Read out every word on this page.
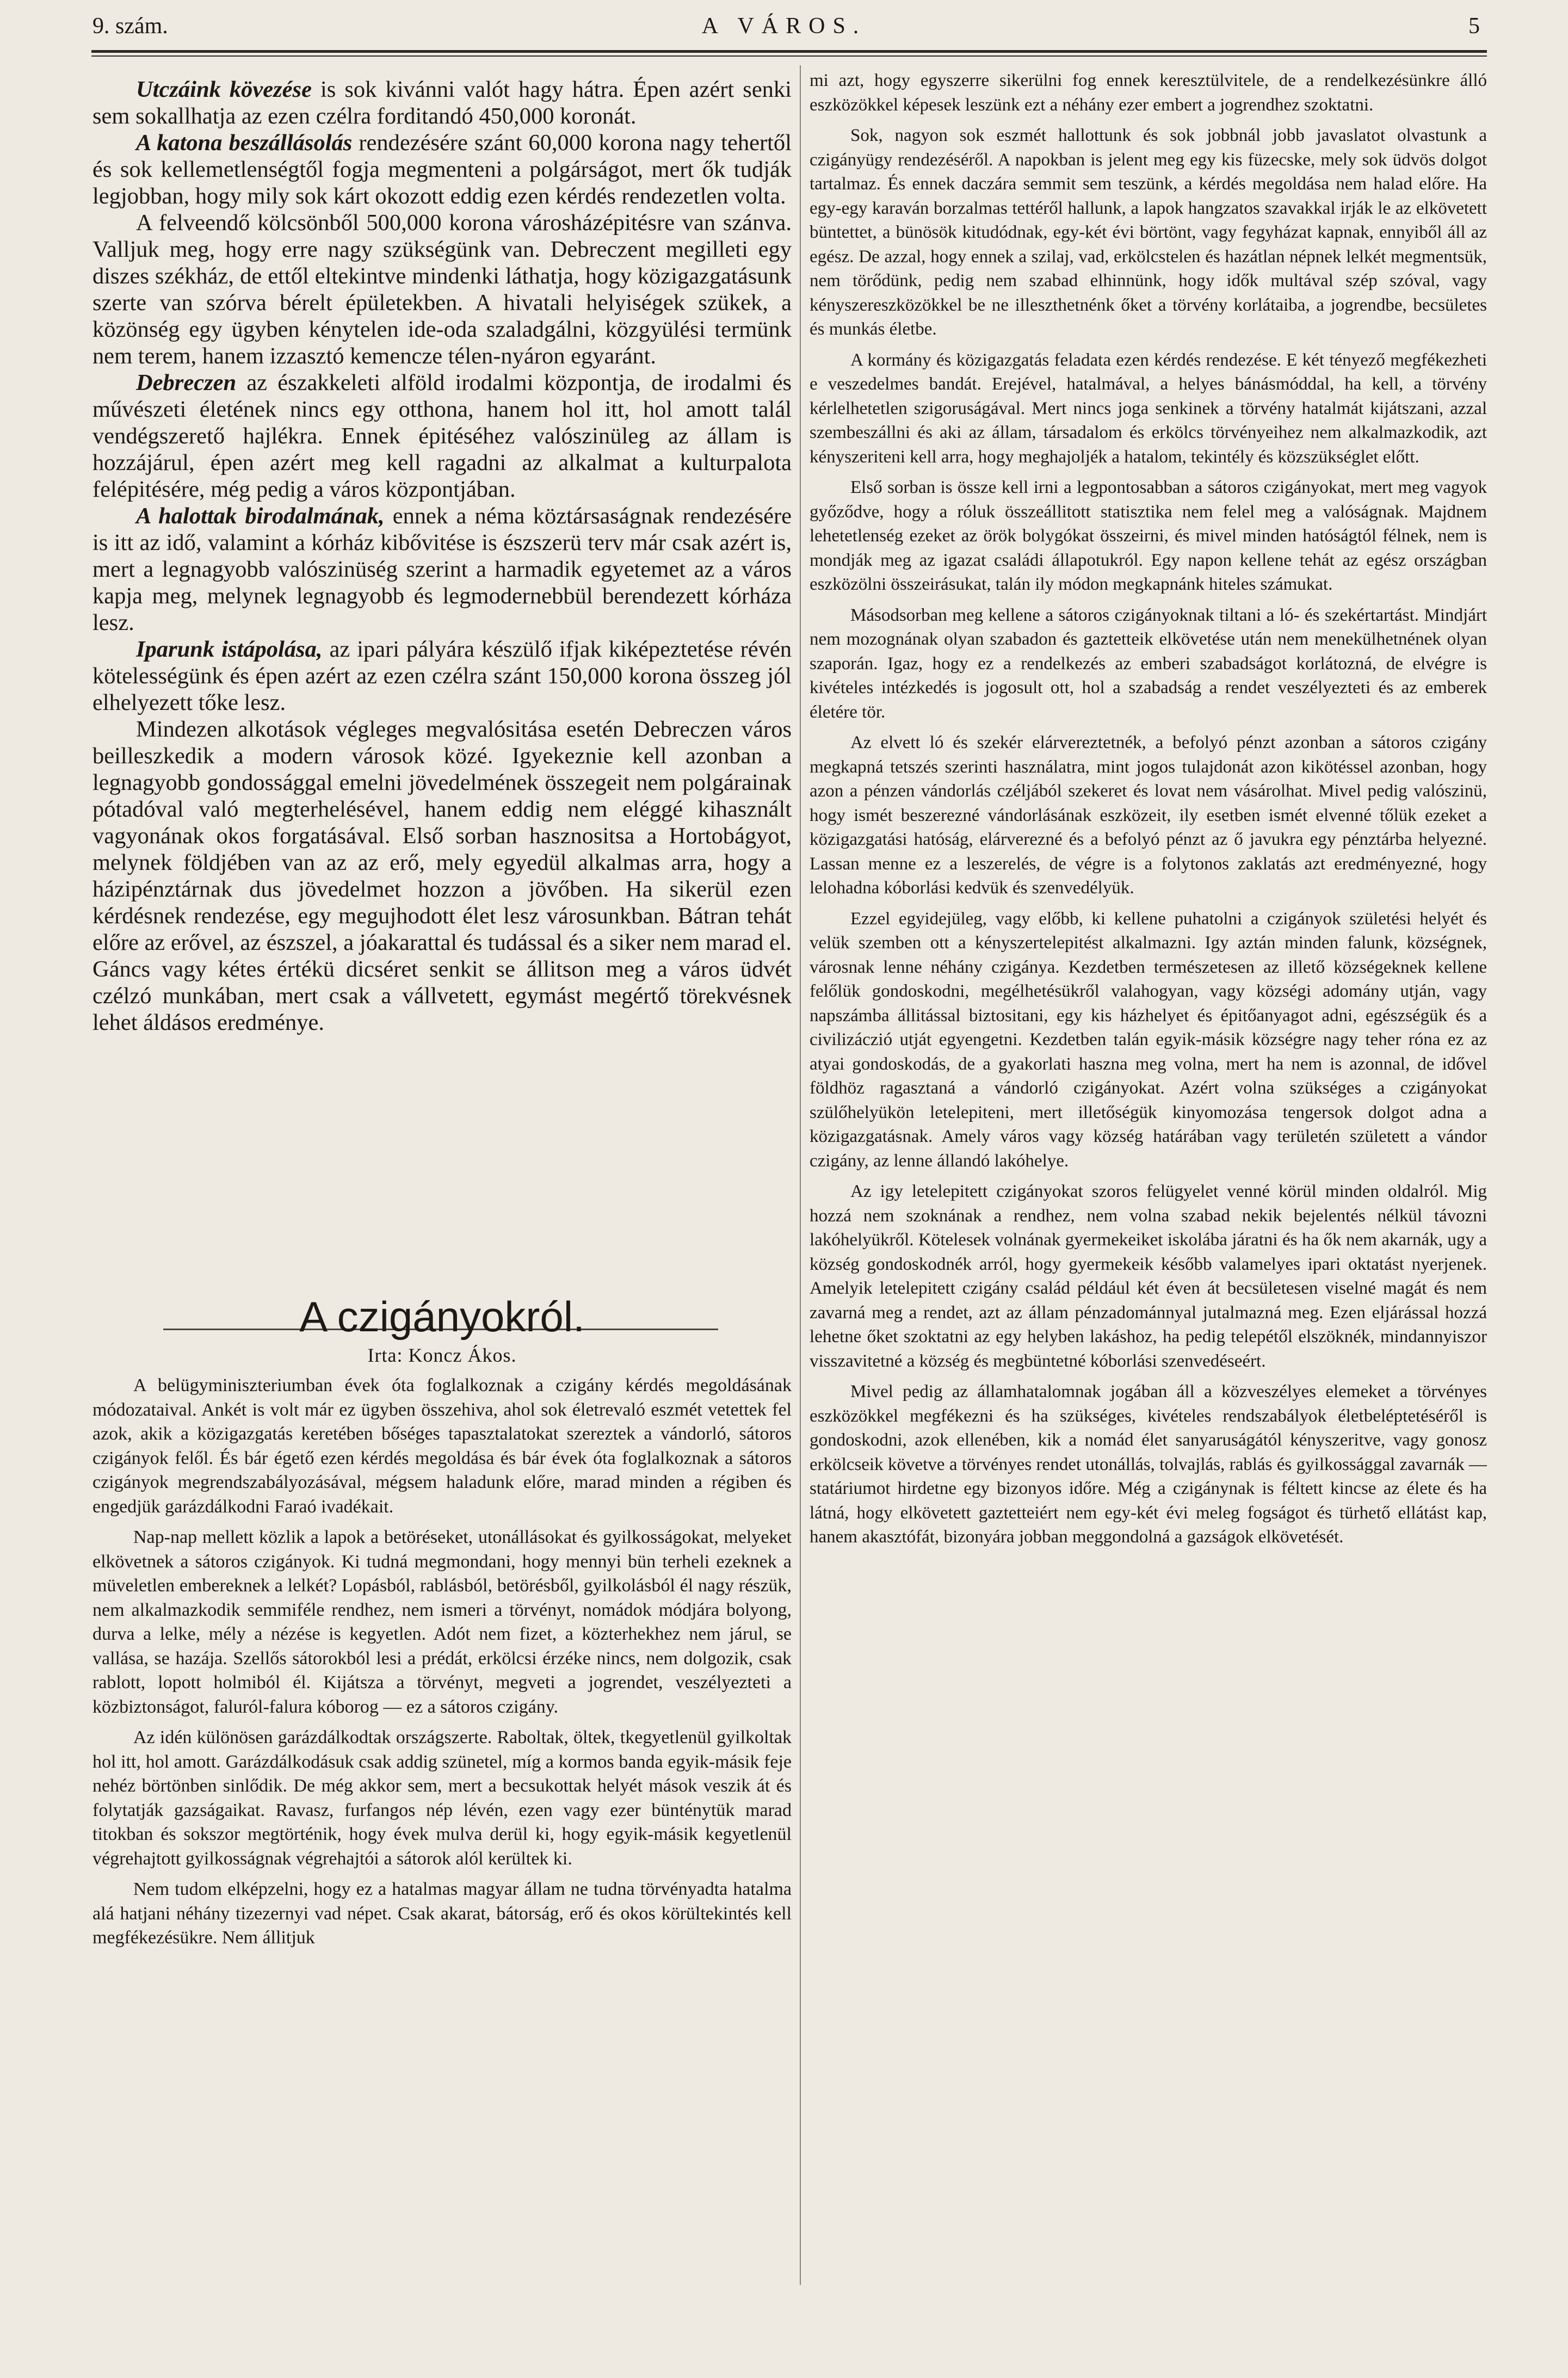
9. szám.	A VÁROS.	5

Utczáink kövezése is sok kivánni valót hagy hátra. Épen azért senki sem sokallhatja az ezen czélra forditandó 450,000 koronát.

A katona beszállásolás rendezésére szánt 60,000 korona nagy tehertől és sok kellemetlenségtől fogja megmenteni a polgárságot, mert ők tudják legjobban, hogy mily sok kárt okozott eddig ezen kérdés rendezetlen volta.

A felveendő kölcsönből 500,000 korona városházépitésre van szánva. Valljuk meg, hogy erre nagy szükségünk van. Debreczent megilleti egy diszes székház, de ettől eltekintve mindenki láthatja, hogy közigazgatásunk szerte van szórva bérelt épületekben. A hivatali helyiségek szükek, a közönség egy ügyben kénytelen ide-oda szaladgálni, közgyülési termünk nem terem, hanem izzasztó kemencze télen-nyáron egyaránt.

Debreczen az északkeleti alföld irodalmi központja, de irodalmi és művészeti életének nincs egy otthona, hanem hol itt, hol amott talál vendégszerető hajlékra. Ennek épitéséhez valószinüleg az állam is hozzájárul, épen azért meg kell ragadni az alkalmat a kulturpalota felépitésére, még pedig a város központjában.

A halottak birodalmának, ennek a néma köztársaságnak rendezésére is itt az idő, valamint a kórház kibővitése is észszerü terv már csak azért is, mert a legnagyobb valószinüség szerint a harmadik egyetemet az a város kapja meg, melynek legnagyobb és legmodernebbül berendezett kórháza lesz.

Iparunk istápolása, az ipari pályára készülő ifjak kiképeztetése révén kötelességünk és épen azért az ezen czélra szánt 150,000 korona összeg jól elhelyezett tőke lesz.

Mindezen alkotások végleges megvalósitása esetén Debreczen város beilleszkedik a modern városok közé. Igyekeznie kell azonban a legnagyobb gondossággal emelni jövedelmének összegeit nem polgárainak pótadóval való megterhelésével, hanem eddig nem eléggé kihasznált vagyonának okos forgatásával. Első sorban hasznositsa a Hortobágyot, melynek földjében van az az erő, mely egyedül alkalmas arra, hogy a házipénztárnak dus jövedelmet hozzon a jövőben. Ha sikerül ezen kérdésnek rendezése, egy megujhodott élet lesz városunkban. Bátran tehát előre az erővel, az észszel, a jóakarattal és tudással és a siker nem marad el. Gáncs vagy kétes értékü dicséret senkit se állitson meg a város üdvét czélzó munkában, mert csak a vállvetett, egymást megértő törekvésnek lehet áldásos eredménye.

A czigányokról.
Irta: Koncz Ákos.

A belügyminiszteriumban évek óta foglalkoznak a czigány kérdés megoldásának módozataival. Ankét is volt már ez ügyben összehiva, ahol sok életrevaló eszmét vetettek fel azok, akik a közigazgatás keretében bőséges tapasztalatokat szereztek a vándorló, sátoros czigányok felől. És bár égető ezen kérdés megoldása és bár évek óta foglalkoznak a sátoros czigányok megrendszabályozásával, mégsem haladunk előre, marad minden a régiben és engedjük garázdálkodni Faraó ivadékait.

Nap-nap mellett közlik a lapok a betöréseket, utonállásokat és gyilkosságokat, melyeket elkövetnek a sátoros czigányok. Ki tudná megmondani, hogy mennyi bün terheli ezeknek a müveletlen embereknek a lelkét? Lopásból, rablásból, betörésből, gyilkolásból él nagy részük, nem alkalmazkodik semmiféle rendhez, nem ismeri a törvényt, nomádok módjára bolyong, durva a lelke, mély a nézése is kegyetlen. Adót nem fizet, a közterhekhez nem járul, se vallása, se hazája. Szellős sátorokból lesi a prédát, erkölcsi érzéke nincs, nem dolgozik, csak rablott, lopott holmiból él. Kijátsza a törvényt, megveti a jogrendet, veszélyezteti a közbiztonságot, faluról-falura kóborog — ez a sátoros czigány.

Az idén különösen garázdálkodtak országszerte. Raboltak, öltek, tkegyetlenül gyilkoltak hol itt, hol amott. Garázdálkodásuk csak addig szünetel, míg a kormos banda egyik-másik feje nehéz börtönben sinlődik. De még akkor sem, mert a becsukottak helyét mások veszik át és folytatják gazságaikat. Ravasz, furfangos nép lévén, ezen vagy ezer bünténytük marad titokban és sokszor megtörténik, hogy évek mulva derül ki, hogy egyik-másik kegyetlenül végrehajtott gyilkosságnak végrehajtói a sátorok alól kerültek ki.

Nem tudom elképzelni, hogy ez a hatalmas magyar állam ne tudna törvényadta hatalma alá hatjani néhány tizezernyi vad népet. Csak akarat, bátorság, erő és okos körültekintés kell megfékezésükre. Nem állitjuk

mi azt, hogy egyszerre sikerülni fog ennek keresztülvitele, de a rendelkezésünkre álló eszközökkel képesek leszünk ezt a néhány ezer embert a jogrendhez szoktatni.

Sok, nagyon sok eszmét hallottunk és sok jobbnál jobb javaslatot olvastunk a czigányügy rendezéséről. A napokban is jelent meg egy kis füzecske, mely sok üdvös dolgot tartalmaz. És ennek daczára semmit sem teszünk, a kérdés megoldása nem halad előre. Ha egy-egy karaván borzalmas tettéről hallunk, a lapok hangzatos szavakkal irják le az elkövetett büntettet, a bünösök kitudódnak, egy-két évi börtönt, vagy fegyházat kapnak, ennyiből áll az egész. De azzal, hogy ennek a szilaj, vad, erkölcstelen és hazátlan népnek lelkét megmentsük, nem törődünk, pedig nem szabad elhinnünk, hogy idők multával szép szóval, vagy kényszereszközökkel be ne illeszthetnénk őket a törvény korlátaiba, a jogrendbe, becsületes és munkás életbe.

A kormány és közigazgatás feladata ezen kérdés rendezése. E két tényező megfékezheti e veszedelmes bandát. Erejével, hatalmával, a helyes bánásmóddal, ha kell, a törvény kérlelhetetlen szigoruságával. Mert nincs joga senkinek a törvény hatalmát kijátszani, azzal szembeszállni és aki az állam, társadalom és erkölcs törvényeihez nem alkalmazkodik, azt kényszeriteni kell arra, hogy meghajoljék a hatalom, tekintély és közszükséglet előtt.

Első sorban is össze kell irni a legpontosabban a sátoros czigányokat, mert meg vagyok győződve, hogy a róluk összeállitott statisztika nem felel meg a valóságnak. Majdnem lehetetlenség ezeket az örök bolygókat összeirni, és mivel minden hatóságtól félnek, nem is mondják meg az igazat családi állapotukról. Egy napon kellene tehát az egész országban eszközölni összeirásukat, talán ily módon megkapnánk hiteles számukat.

Másodsorban meg kellene a sátoros czigányoknak tiltani a ló- és szekértartást. Mindjárt nem mozognának olyan szabadon és gaztetteik elkövetése után nem menekülhetnének olyan szaporán. Igaz, hogy ez a rendelkezés az emberi szabadságot korlátozná, de elvégre is kivételes intézkedés is jogosult ott, hol a szabadság a rendet veszélyezteti és az emberek életére tör.

Az elvett ló és szekér elárvereztetnék, a befolyó pénzt azonban a sátoros czigány megkapná tetszés szerinti használatra, mint jogos tulajdonát azon kikötéssel azonban, hogy azon a pénzen vándorlás czéljából szekeret és lovat nem vásárolhat. Mivel pedig valószinü, hogy ismét beszerezné vándorlásának eszközeit, ily esetben ismét elvenné tőlük ezeket a közigazgatási hatóság, elárverezné és a befolyó pénzt az ő javukra egy pénztárba helyezné. Lassan menne ez a leszerelés, de végre is a folytonos zaklatás azt eredményezné, hogy lelohadna kóborlási kedvük és szenvedélyük.

Ezzel egyidejüleg, vagy előbb, ki kellene puhatolni a czigányok születési helyét és velük szemben ott a kényszertelepitést alkalmazni. Igy aztán minden falunk, községnek, városnak lenne néhány czigánya. Kezdetben természetesen az illető községeknek kellene felőlük gondoskodni, megélhetésükről valahogyan, vagy községi adomány utján, vagy napszámba állitással biztositani, egy kis házhelyet és épitőanyagot adni, egészségük és a civilizáczió utját egyengetni. Kezdetben talán egyik-másik községre nagy teher róna ez az atyai gondoskodás, de a gyakorlati haszna meg volna, mert ha nem is azonnal, de idővel földhöz ragasztaná a vándorló czigányokat. Azért volna szükséges a czigányokat szülőhelyükön letelepiteni, mert illetőségük kinyomozása tengersok dolgot adna a közigazgatásnak. Amely város vagy község határában vagy területén született a vándor czigány, az lenne állandó lakóhelye.

Az igy letelepitett czigányokat szoros felügyelet venné körül minden oldalról. Mig hozzá nem szoknának a rendhez, nem volna szabad nekik bejelentés nélkül távozni lakóhelyükről. Kötelesek volnának gyermekeiket iskolába járatni és ha ők nem akarnák, ugy a község gondoskodnék arról, hogy gyermekeik később valamelyes ipari oktatást nyerjenek. Amelyik letelepitett czigány család például két éven át becsületesen viselné magát és nem zavarná meg a rendet, azt az állam pénzadománnyal jutalmazná meg. Ezen eljárással hozzá lehetne őket szoktatni az egy helyben lakáshoz, ha pedig telepétől elszöknék, mindannyiszor visszavitetné a község és megbüntetné kóborlási szenvedéseért.

Mivel pedig az államhatalomnak jogában áll a közveszélyes elemeket a törvényes eszközökkel megfékezni és ha szükséges, kivételes rendszabályok életbeléptetéséről is gondoskodni, azok ellenében, kik a nomád élet sanyaruságától kényszeritve, vagy gonosz erkölcseik követve a törvényes rendet utonállás, tolvajlás, rablás és gyilkossággal zavarnák — statáriumot hirdetne egy bizonyos időre. Még a czigánynak is féltett kincse az élete és ha látná, hogy elkövetett gaztetteiért nem egy-két évi meleg fogságot és türhető ellátást kap, hanem akasztófát, bizonyára jobban meggondolná a gazságok elkövetését.
